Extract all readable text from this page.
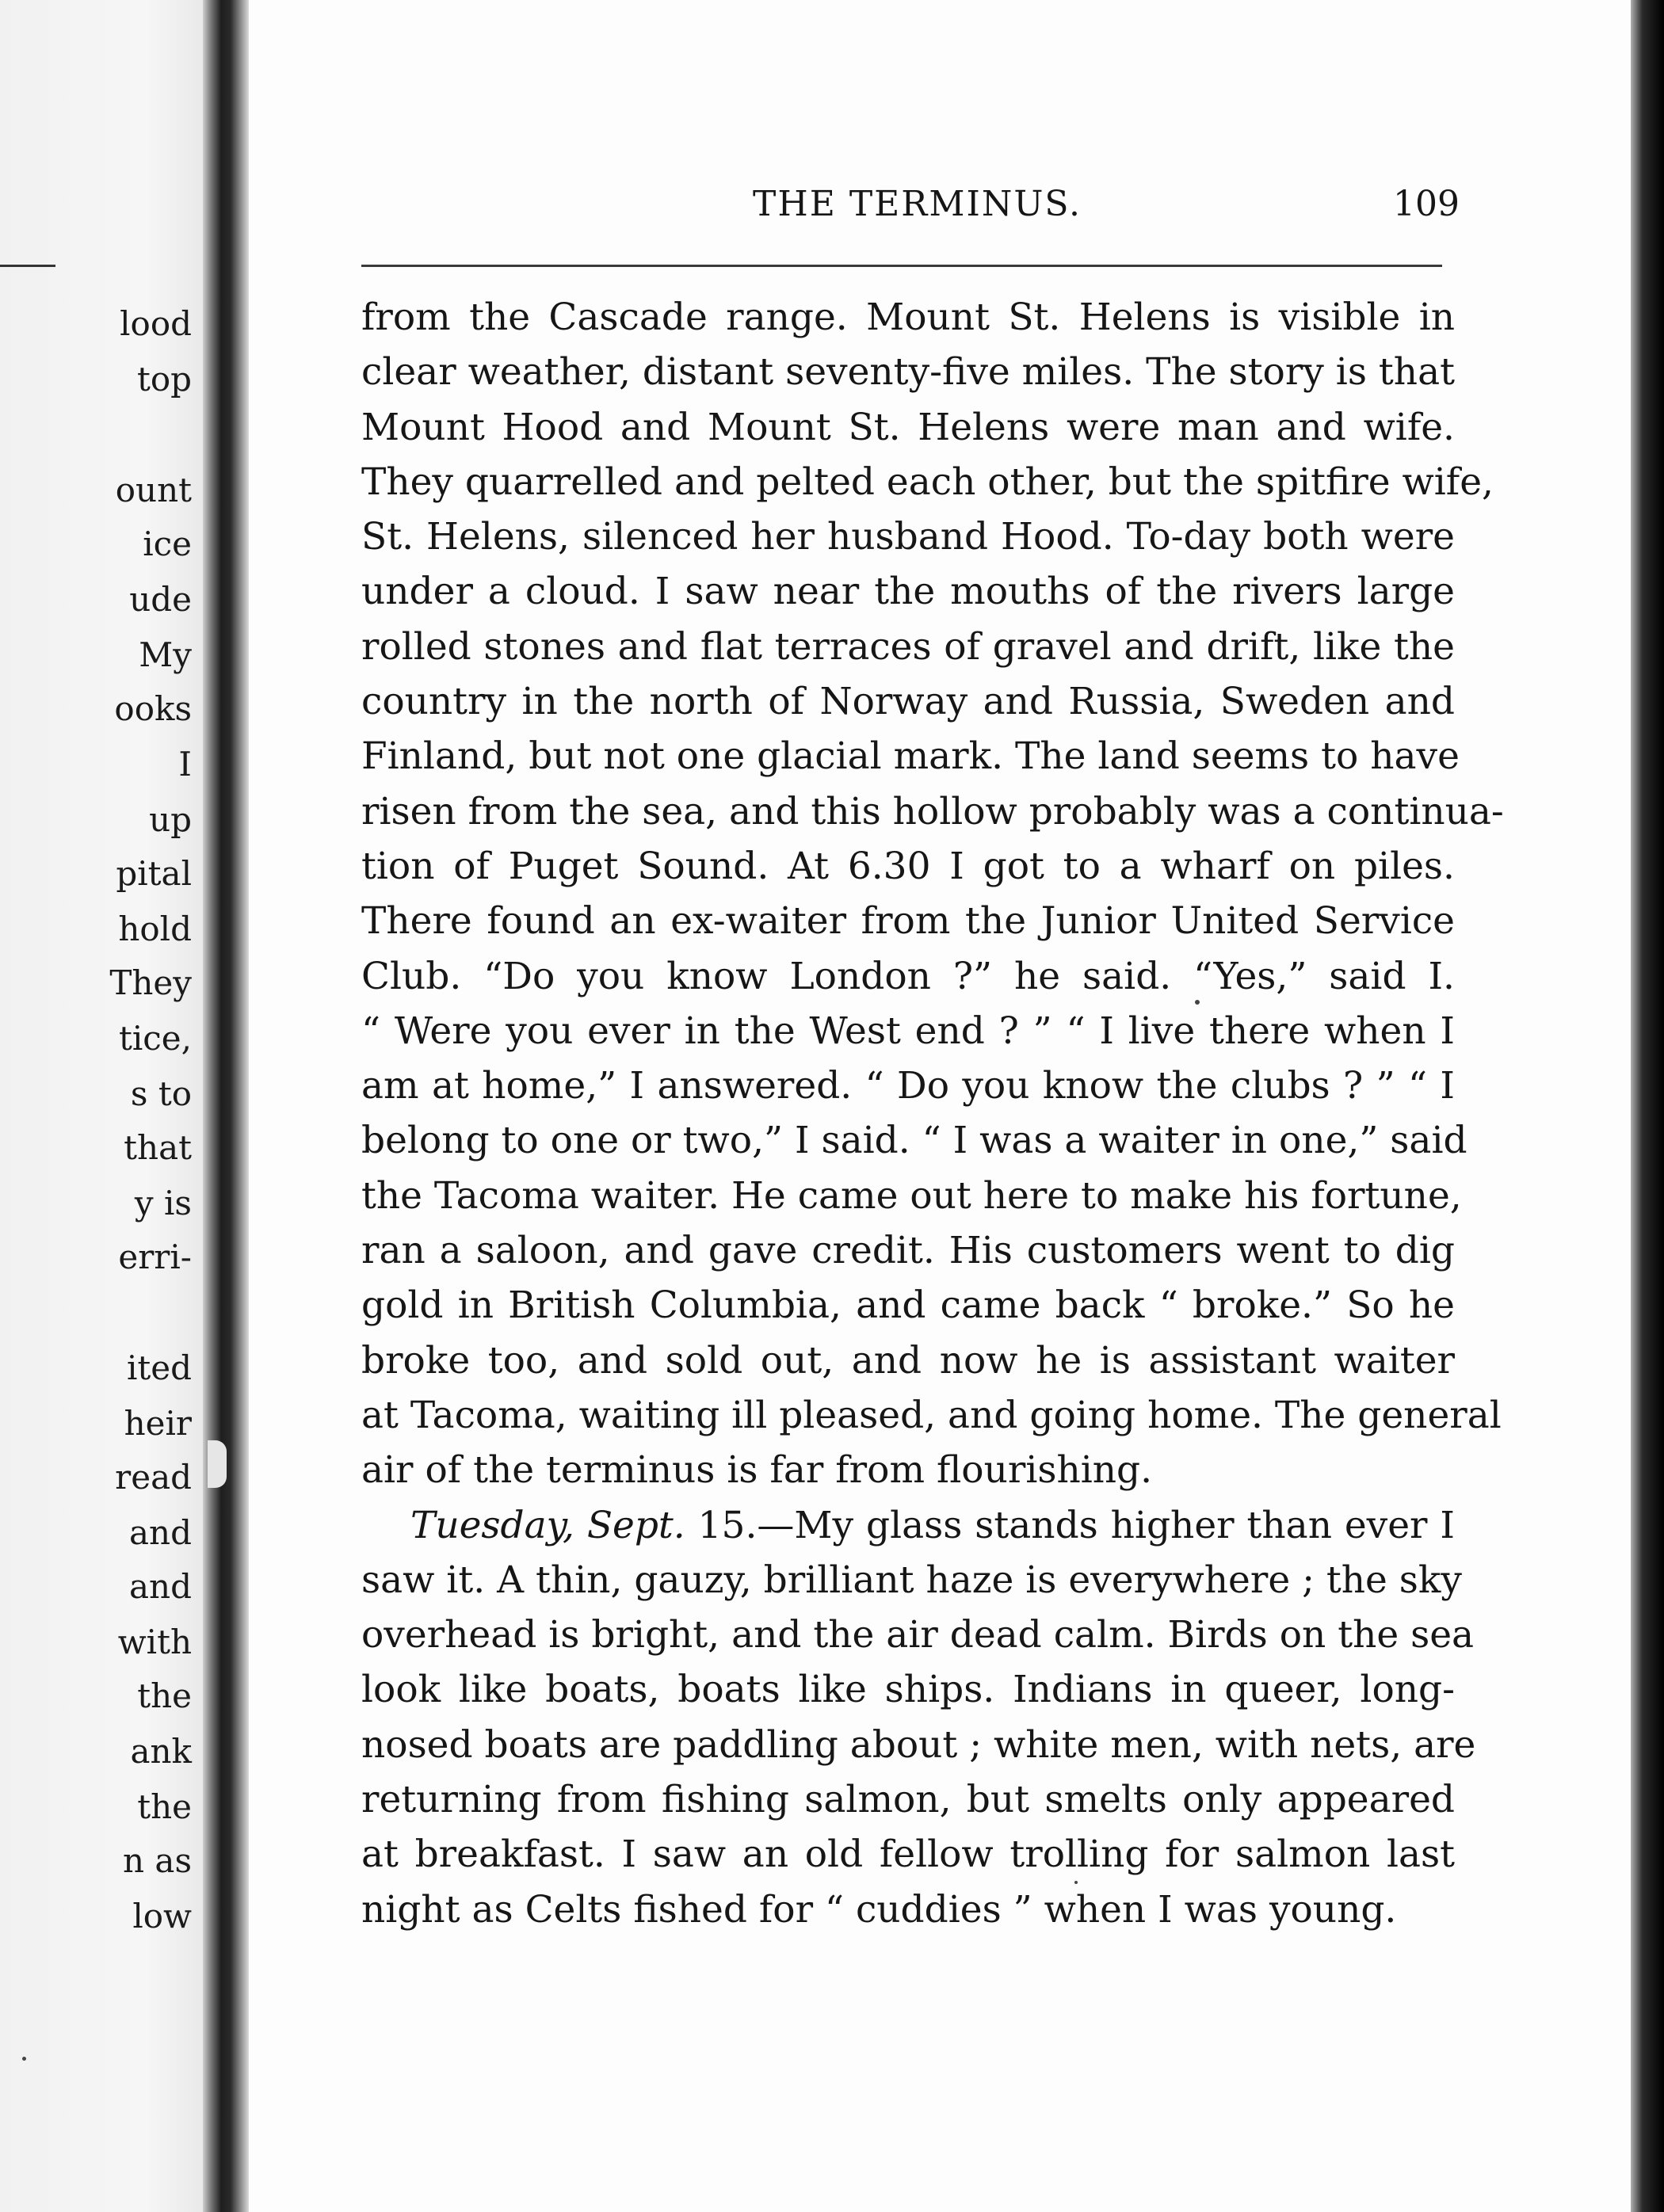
lood
top
ount
ice
ude
My
ooks
I
up
pital
hold
They
tice,
s to
that
y is
erri-
ited
heir
read
and
and
with
the
ank
the
n as
low
THE TERMINUS.	109
from the Cascade range. Mount St. Helens is visible in
clear weather, distant seventy-five miles. The story is that
Mount Hood and Mount St. Helens were man and wife.
They quarrelled and pelted each other, but the spitfire wife,
St. Helens, silenced her husband Hood. To-day both were
under a cloud. I saw near the mouths of the rivers large
rolled stones and flat terraces of gravel and drift, like the
country in the north of Norway and Russia, Sweden and
Finland, but not one glacial mark. The land seems to have
risen from the sea, and this hollow probably was a continua-
tion of Puget Sound. At 6.30 I got to a wharf on piles.
There found an ex-waiter from the Junior United Service
Club. “Do you know London ?” he said. “Yes,” said I.
“ Were you ever in the West end ? ” “ I live there when I
am at home,” I answered. “ Do you know the clubs ? ” “ I
belong to one or two,” I said. “ I was a waiter in one,” said
the Tacoma waiter. He came out here to make his fortune,
ran a saloon, and gave credit. His customers went to dig
gold in British Columbia, and came back “ broke.” So he
broke too, and sold out, and now he is assistant waiter
at Tacoma, waiting ill pleased, and going home. The general
air of the terminus is far from flourishing.
Tuesday, Sept. 15.—My glass stands higher than ever I
saw it. A thin, gauzy, brilliant haze is everywhere ; the sky
overhead is bright, and the air dead calm. Birds on the sea
look like boats, boats like ships. Indians in queer, long-
nosed boats are paddling about ; white men, with nets, are
returning from fishing salmon, but smelts only appeared
at breakfast. I saw an old fellow trolling for salmon last
night as Celts fished for “ cuddies ” when I was young.
